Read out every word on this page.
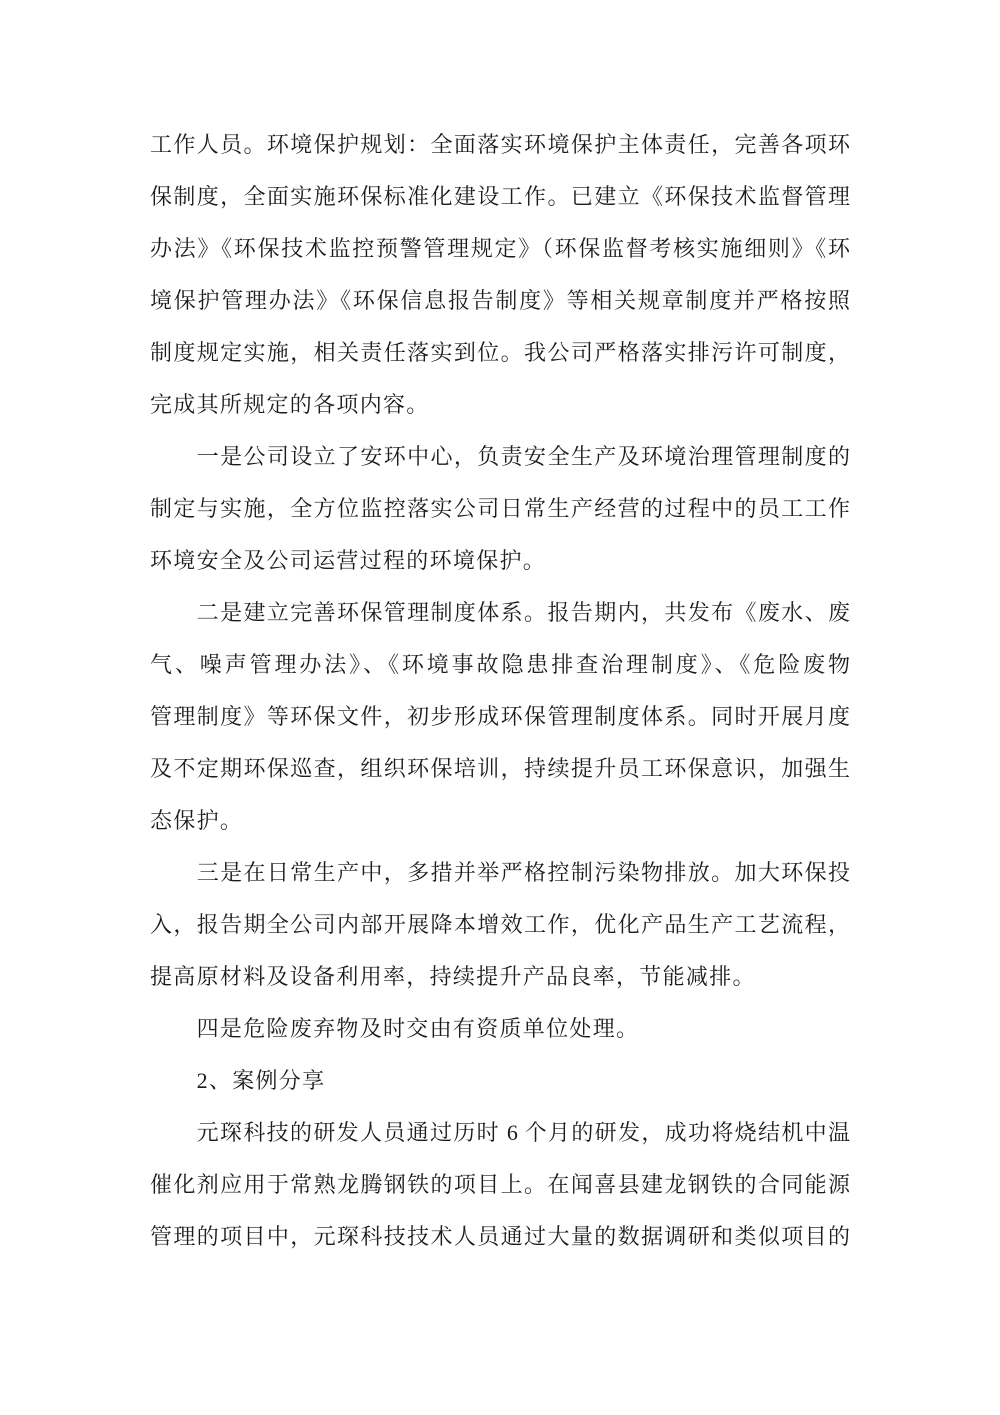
工作人员。环境保护规划：全面落实环境保护主体责任，完善各项环
保制度，全面实施环保标准化建设工作。已建立《环保技术监督管理
办法》《环保技术监控预警管理规定》（环保监督考核实施细则》《环
境保护管理办法》《环保信息报告制度》等相关规章制度并严格按照
制度规定实施，相关责任落实到位。我公司严格落实排污许可制度，
完成其所规定的各项内容。
　　一是公司设立了安环中心，负责安全生产及环境治理管理制度的
制定与实施，全方位监控落实公司日常生产经营的过程中的员工工作
环境安全及公司运营过程的环境保护。
　　二是建立完善环保管理制度体系。报告期内，共发布《废水、废
气、噪声管理办法》、《环境事故隐患排查治理制度》、《危险废物
管理制度》等环保文件，初步形成环保管理制度体系。同时开展月度
及不定期环保巡查，组织环保培训，持续提升员工环保意识，加强生
态保护。
　　三是在日常生产中，多措并举严格控制污染物排放。加大环保投
入，报告期全公司内部开展降本增效工作，优化产品生产工艺流程，
提高原材料及设备利用率，持续提升产品良率，节能减排。
　　四是危险废弃物及时交由有资质单位处理。
　　2、案例分享
　　元琛科技的研发人员通过历时 6 个月的研发，成功将烧结机中温
催化剂应用于常熟龙腾钢铁的项目上。在闻喜县建龙钢铁的合同能源
管理的项目中，元琛科技技术人员通过大量的数据调研和类似项目的
